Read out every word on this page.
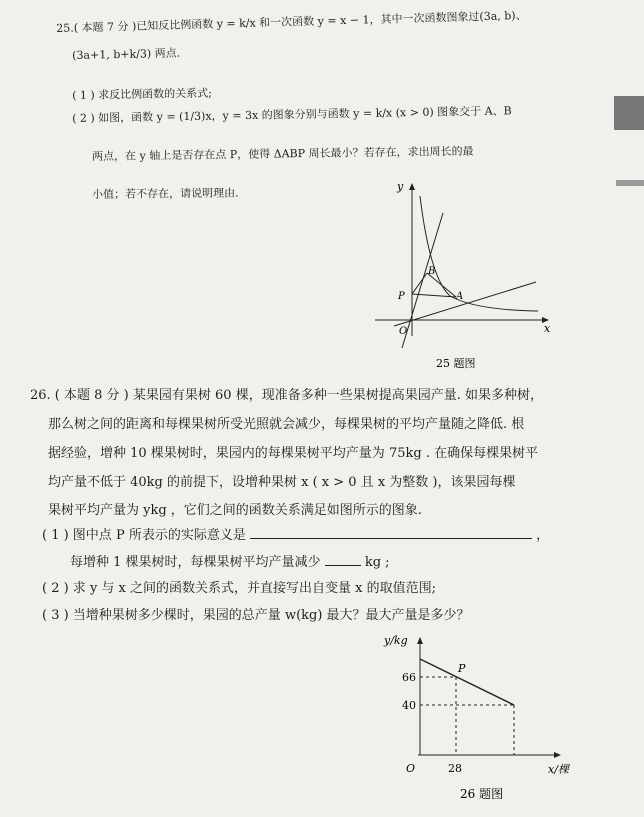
25.( 本题 7 分 )已知反比例函数 y = k/x 和一次函数 y = x − 1，其中一次函数图象过(3a, b)、
(3a+1, b+k/3) 两点.
( 1 ) 求反比例函数的关系式;
( 2 ) 如图，函数 y = (1/3)x，y = 3x 的图象分别与函数 y = k/x (x > 0) 图象交于 A、B
两点，在 y 轴上是否存在点 P，使得 ΔABP 周长最小？若存在，求出周长的最
小值；若不存在，请说明理由.	y
x
O
P
B
A
25 题图
26. ( 本题 8 分 ) 某果园有果树 60 棵，现准备多种一些果树提高果园产量. 如果多种树，
那么树之间的距离和每棵果树所受光照就会减少，每棵果树的平均产量随之降低. 根
据经验，增种 10 棵果树时，果园内的每棵果树平均产量为 75kg . 在确保每棵果树平
均产量不低于 40kg 的前提下，设增种果树 x ( x > 0 且 x 为整数 )，该果园每棵
果树平均产量为 ykg ，它们之间的函数关系满足如图所示的图象.
( 1 ) 图中点 P 所表示的实际意义是	，
每增种 1 棵果树时，每棵果树平均产量减少	kg ;
( 2 ) 求 y 与 x 之间的函数关系式，并直接写出自变量 x 的取值范围;
( 3 ) 当增种果树多少棵时，果园的总产量 w(kg) 最大？最大产量是多少？
y/kg
x/棵
O
P
66
40
28
26 题图
